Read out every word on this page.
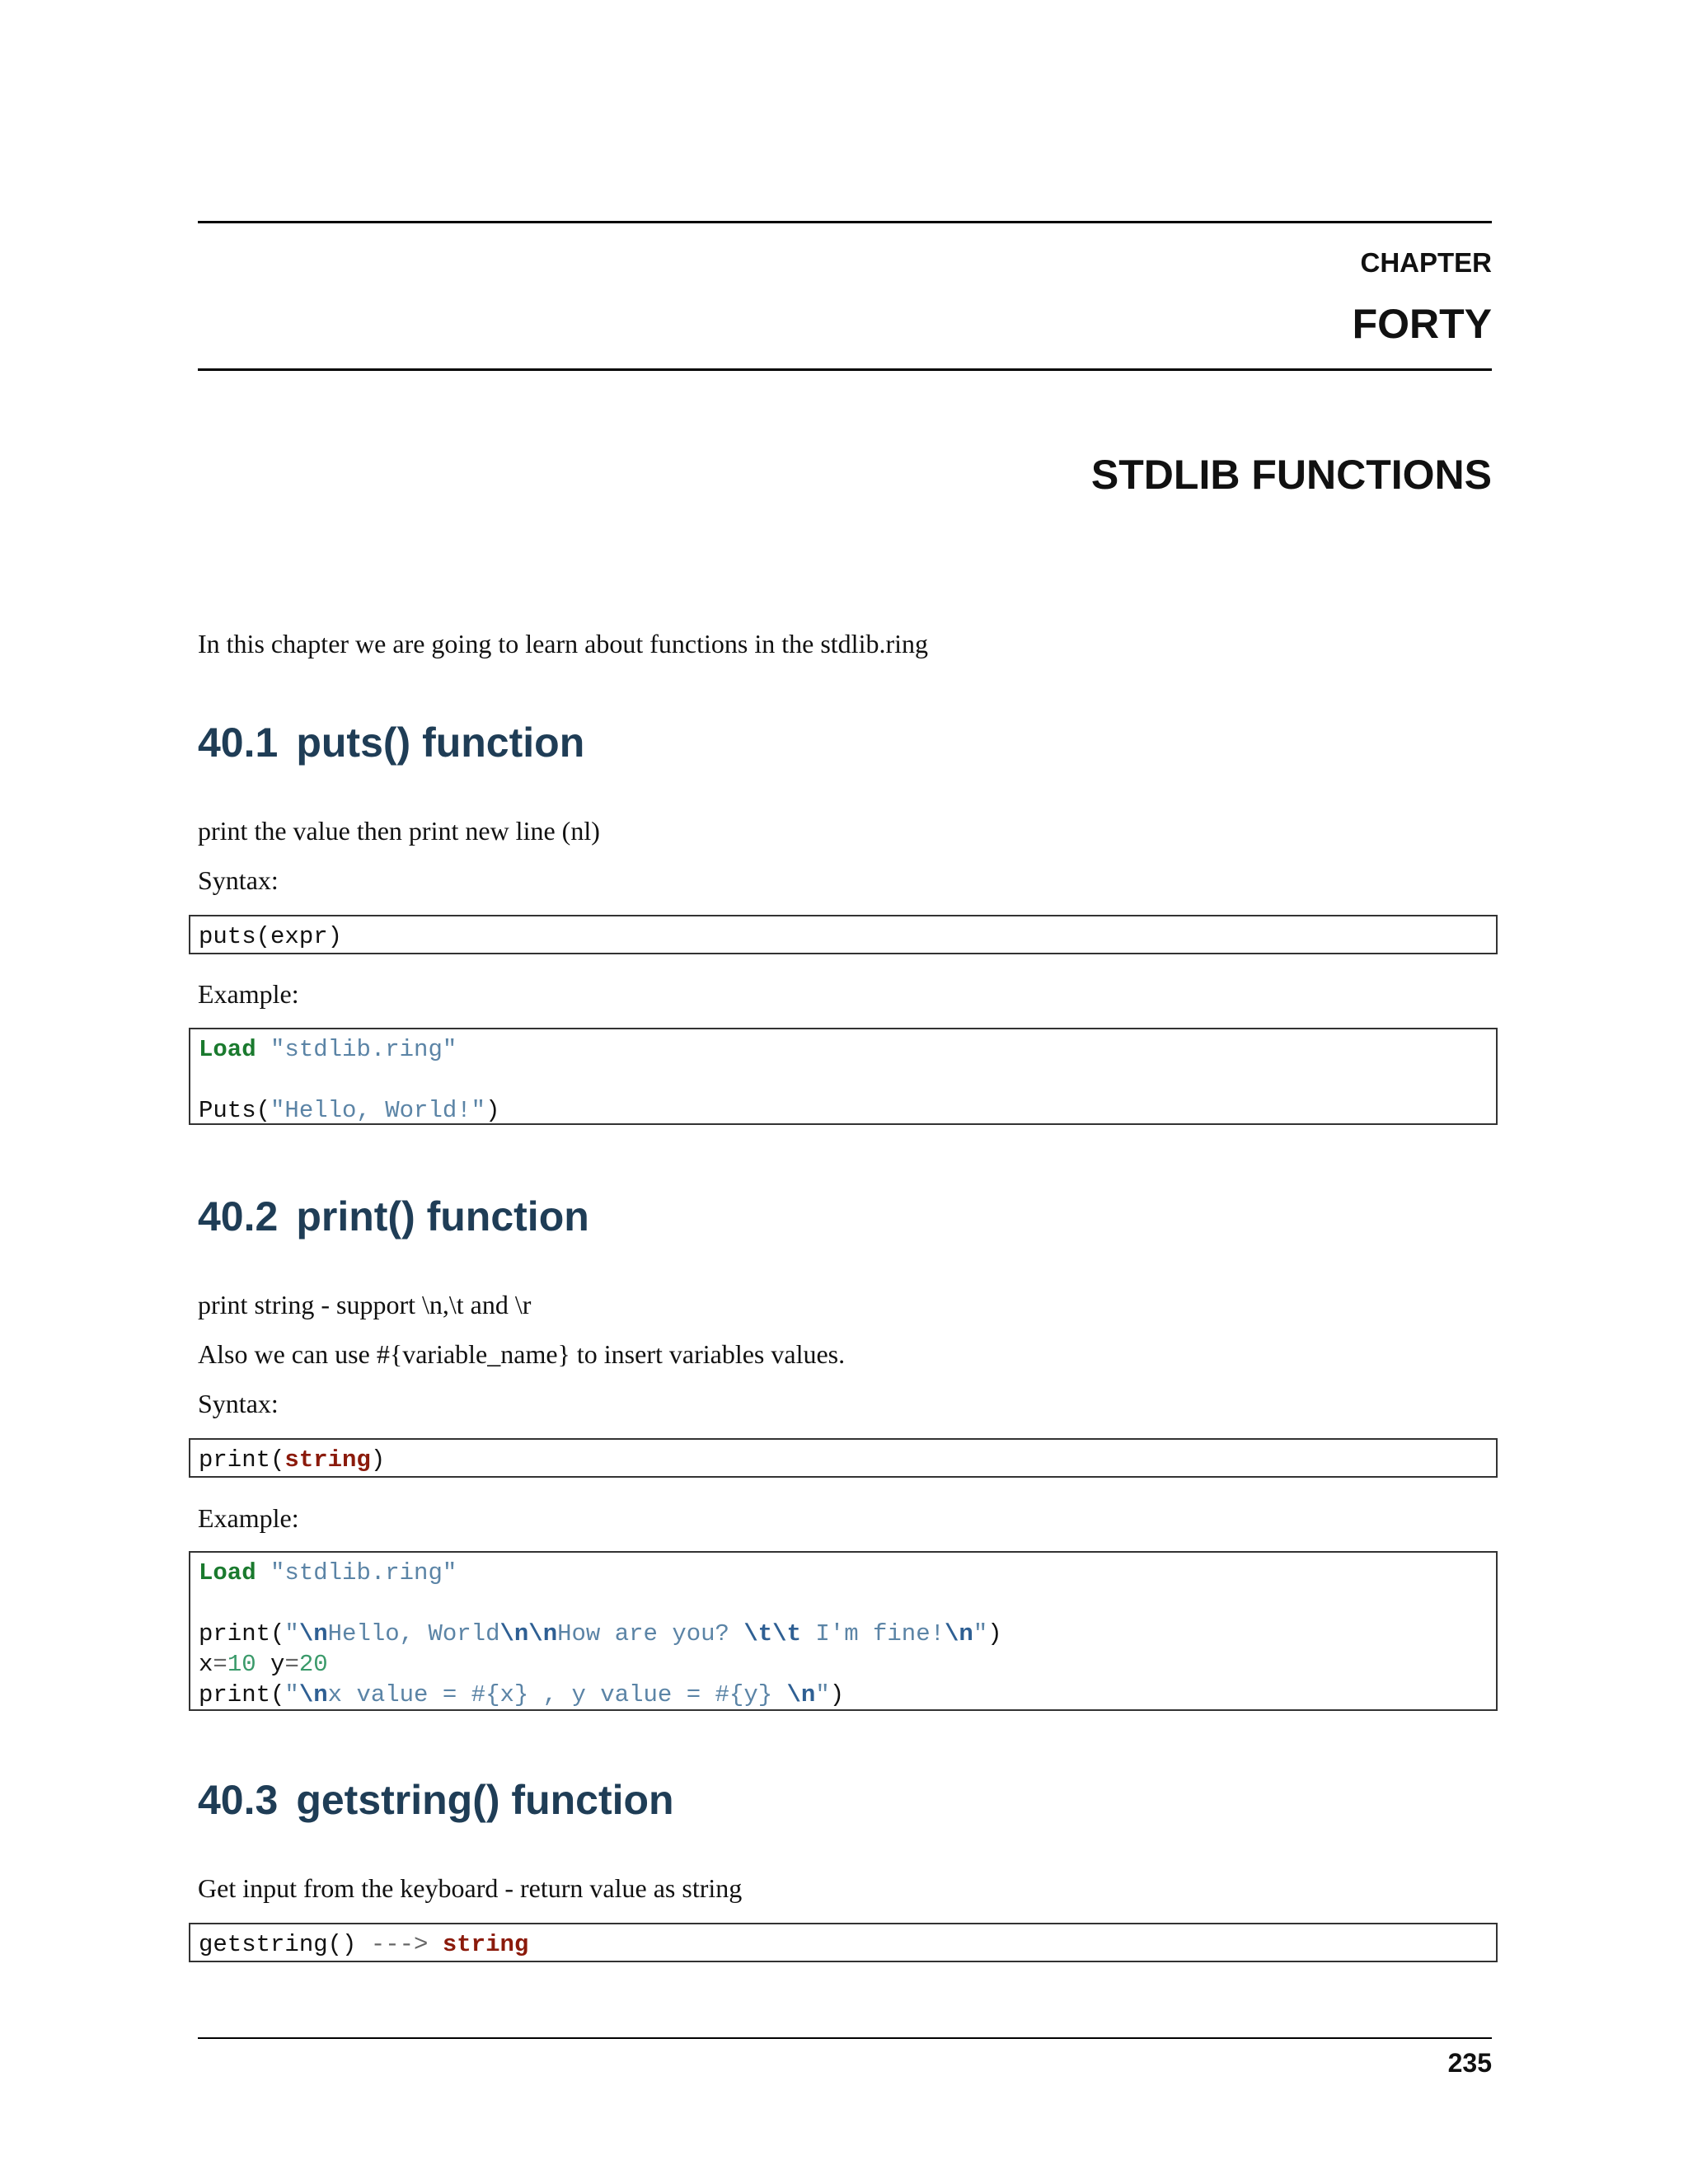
CHAPTER
FORTY
STDLIB FUNCTIONS
In this chapter we are going to learn about functions in the stdlib.ring
40.1 puts() function
print the value then print new line (nl)
Syntax:
puts(expr)
Example:
Load "stdlib.ring"

Puts("Hello, World!")
40.2 print() function
print string - support \n,\t and \r
Also we can use #{variable_name} to insert variables values.
Syntax:
print(string)
Example:
Load "stdlib.ring"

print("\nHello, World\n\nHow are you? \t\t I'm fine!\n")
x=10 y=20
print("\nx value = #{x} , y value = #{y} \n")
40.3 getstring() function
Get input from the keyboard - return value as string
getstring() ---> string
235
